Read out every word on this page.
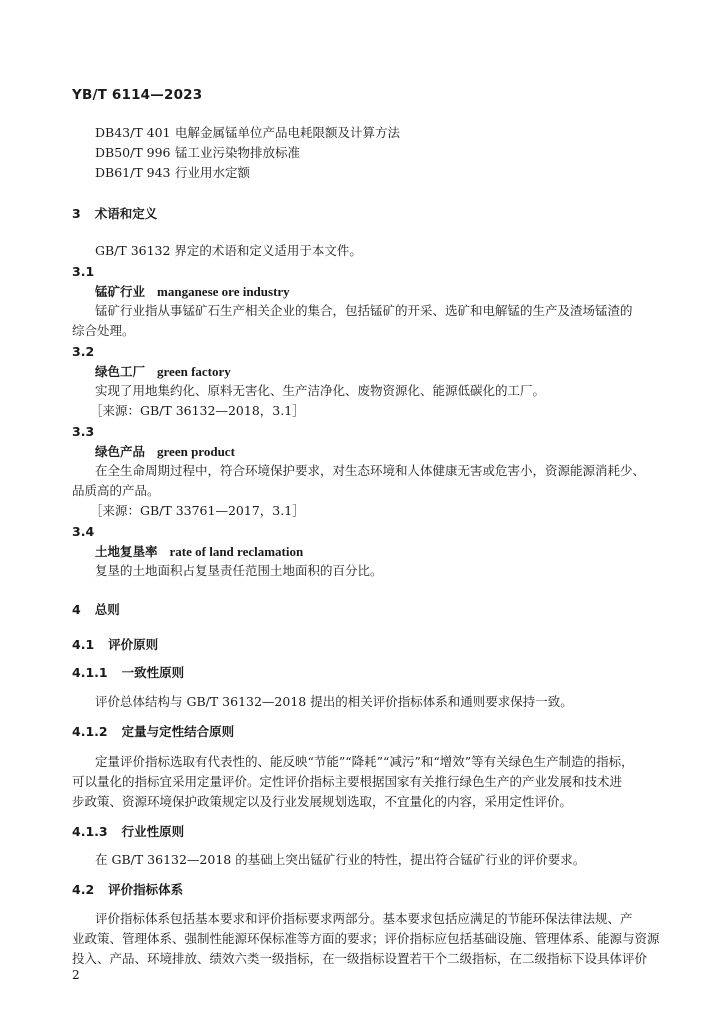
YB/T 6114—2023
DB43/T 401 电解金属锰单位产品电耗限额及计算方法
DB50/T 996 锰工业污染物排放标准
DB61/T 943 行业用水定额
3 术语和定义
GB/T 36132 界定的术语和定义适用于本文件。
3.1
锰矿行业 manganese ore industry
锰矿行业指从事锰矿石生产相关企业的集合，包括锰矿的开采、选矿和电解锰的生产及渣场锰渣的
综合处理。
3.2
绿色工厂 green factory
实现了用地集约化、原料无害化、生产洁净化、废物资源化、能源低碳化的工厂。
［来源：GB/T 36132—2018，3.1］
3.3
绿色产品 green product
在全生命周期过程中，符合环境保护要求，对生态环境和人体健康无害或危害小，资源能源消耗少、
品质高的产品。
［来源：GB/T 33761—2017，3.1］
3.4
土地复垦率 rate of land reclamation
复垦的土地面积占复垦责任范围土地面积的百分比。
4 总则
4.1 评价原则
4.1.1 一致性原则
评价总体结构与 GB/T 36132—2018 提出的相关评价指标体系和通则要求保持一致。
4.1.2 定量与定性结合原则
定量评价指标选取有代表性的、能反映“节能”“降耗”“减污”和“增效”等有关绿色生产制造的指标，
可以量化的指标宜采用定量评价。定性评价指标主要根据国家有关推行绿色生产的产业发展和技术进
步政策、资源环境保护政策规定以及行业发展规划选取，不宜量化的内容，采用定性评价。
4.1.3 行业性原则
在 GB/T 36132—2018 的基础上突出锰矿行业的特性，提出符合锰矿行业的评价要求。
4.2 评价指标体系
评价指标体系包括基本要求和评价指标要求两部分。基本要求包括应满足的节能环保法律法规、产
业政策、管理体系、强制性能源环保标准等方面的要求；评价指标应包括基础设施、管理体系、能源与资源
投入、产品、环境排放、绩效六类一级指标，在一级指标设置若干个二级指标，在二级指标下设具体评价
2
